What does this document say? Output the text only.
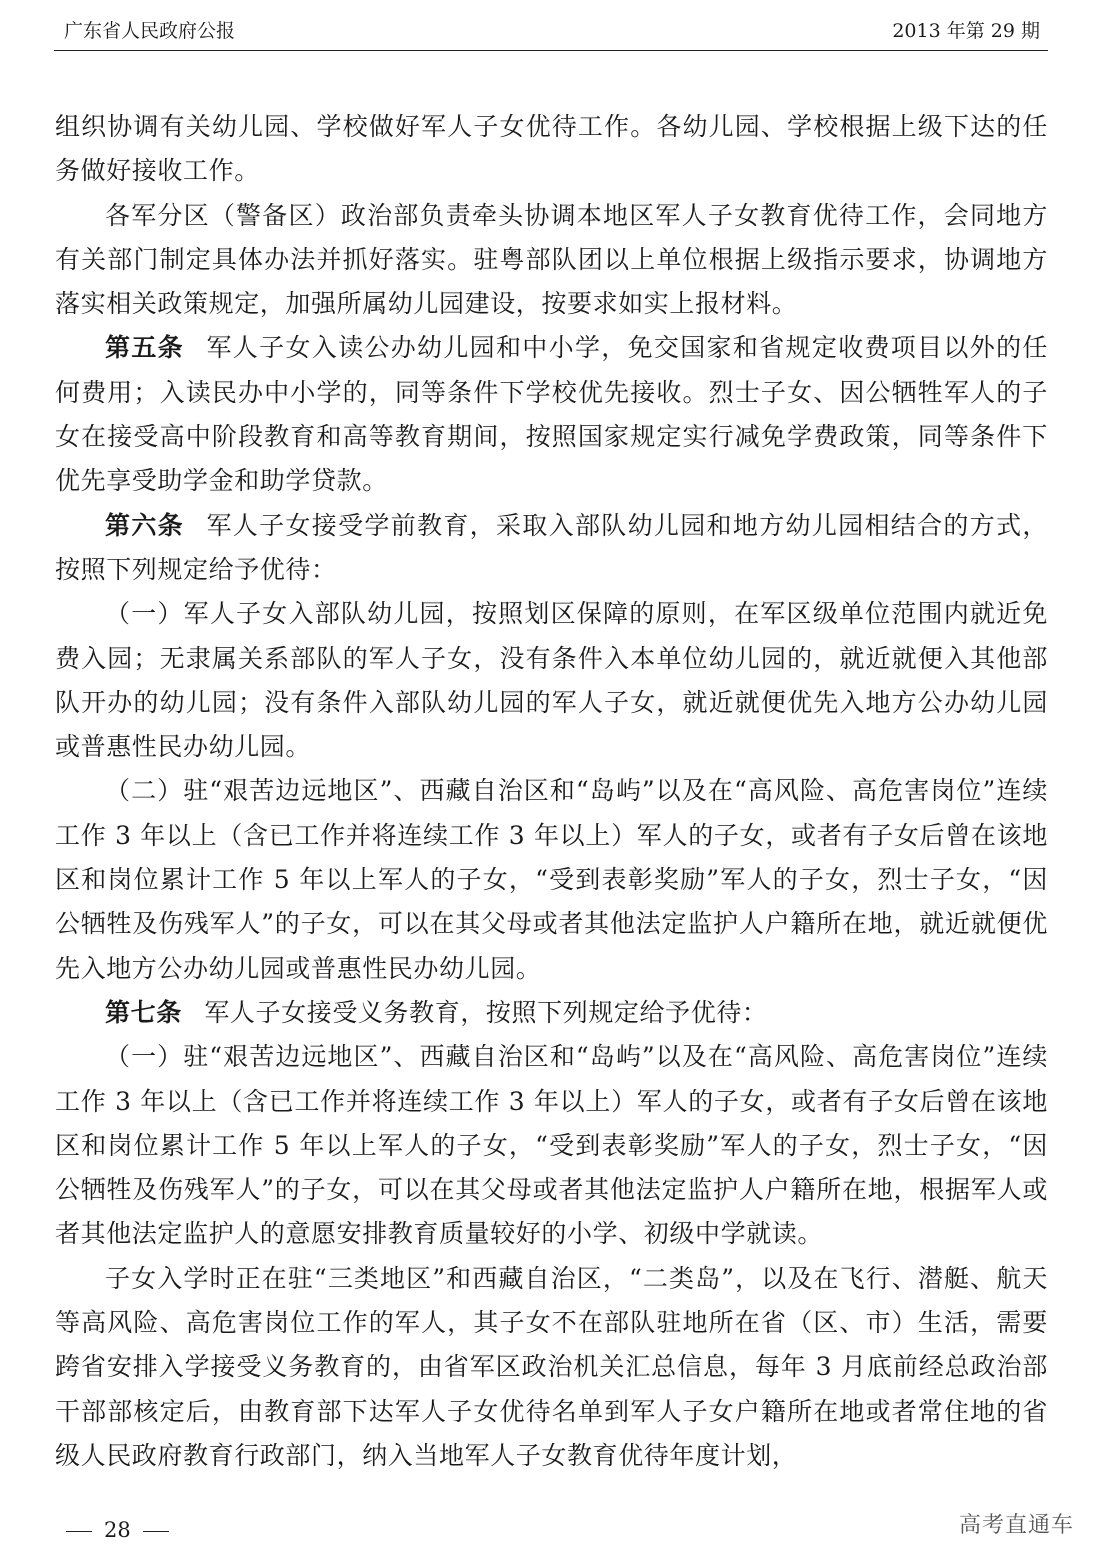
广东省人民政府公报	2013 年第 29 期

组织协调有关幼儿园、学校做好军人子女优待工作。各幼儿园、学校根据上级下达的任务做好接收工作。

各军分区（警备区）政治部负责牵头协调本地区军人子女教育优待工作，会同地方有关部门制定具体办法并抓好落实。驻粤部队团以上单位根据上级指示要求，协调地方落实相关政策规定，加强所属幼儿园建设，按要求如实上报材料。

第五条 军人子女入读公办幼儿园和中小学，免交国家和省规定收费项目以外的任何费用；入读民办中小学的，同等条件下学校优先接收。烈士子女、因公牺牲军人的子女在接受高中阶段教育和高等教育期间，按照国家规定实行减免学费政策，同等条件下优先享受助学金和助学贷款。

第六条 军人子女接受学前教育，采取入部队幼儿园和地方幼儿园相结合的方式，按照下列规定给予优待：

（一）军人子女入部队幼儿园，按照划区保障的原则，在军区级单位范围内就近免费入园；无隶属关系部队的军人子女，没有条件入本单位幼儿园的，就近就便入其他部队开办的幼儿园；没有条件入部队幼儿园的军人子女，就近就便优先入地方公办幼儿园或普惠性民办幼儿园。

（二）驻“艰苦边远地区”、西藏自治区和“岛屿”以及在“高风险、高危害岗位”连续工作 3 年以上（含已工作并将连续工作 3 年以上）军人的子女，或者有子女后曾在该地区和岗位累计工作 5 年以上军人的子女，“受到表彰奖励”军人的子女，烈士子女，“因公牺牲及伤残军人”的子女，可以在其父母或者其他法定监护人户籍所在地，就近就便优先入地方公办幼儿园或普惠性民办幼儿园。

第七条 军人子女接受义务教育，按照下列规定给予优待：

（一）驻“艰苦边远地区”、西藏自治区和“岛屿”以及在“高风险、高危害岗位”连续工作 3 年以上（含已工作并将连续工作 3 年以上）军人的子女，或者有子女后曾在该地区和岗位累计工作 5 年以上军人的子女，“受到表彰奖励”军人的子女，烈士子女，“因公牺牲及伤残军人”的子女，可以在其父母或者其他法定监护人户籍所在地，根据军人或者其他法定监护人的意愿安排教育质量较好的小学、初级中学就读。

子女入学时正在驻“三类地区”和西藏自治区，“二类岛”，以及在飞行、潜艇、航天等高风险、高危害岗位工作的军人，其子女不在部队驻地所在省（区、市）生活，需要跨省安排入学接受义务教育的，由省军区政治机关汇总信息，每年 3 月底前经总政治部干部部核定后，由教育部下达军人子女优待名单到军人子女户籍所在地或者常住地的省级人民政府教育行政部门，纳入当地军人子女教育优待年度计划，

28	高考直通车
